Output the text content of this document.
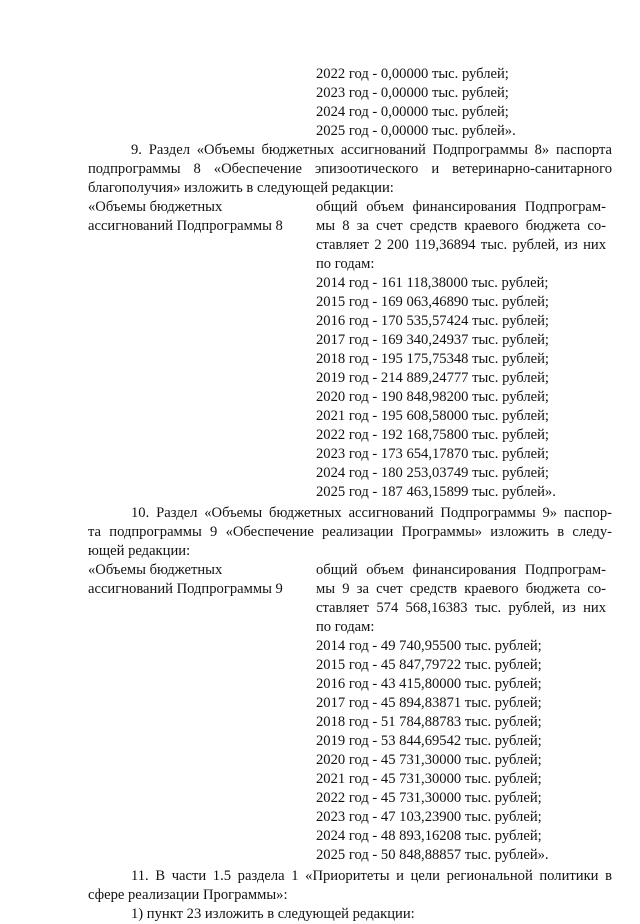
2022 год - 0,00000 тыс. рублей;
2023 год - 0,00000 тыс. рублей;
2024 год - 0,00000 тыс. рублей;
2025 год - 0,00000 тыс. рублей».
9. Раздел «Объемы бюджетных ассигнований Подпрограммы 8» паспорта
подпрограммы 8 «Обеспечение эпизоотического и ветеринарно-санитарного
благополучия» изложить в следующей редакции:
«Объемы бюджетных
ассигнований Подпрограммы 8
общий объем финансирования Подпрограм-
мы 8 за счет средств краевого бюджета со-
ставляет 2 200 119,36894 тыс. рублей, из них
по годам:
2014 год - 161 118,38000 тыс. рублей;
2015 год - 169 063,46890 тыс. рублей;
2016 год - 170 535,57424 тыс. рублей;
2017 год - 169 340,24937 тыс. рублей;
2018 год - 195 175,75348 тыс. рублей;
2019 год - 214 889,24777 тыс. рублей;
2020 год - 190 848,98200 тыс. рублей;
2021 год - 195 608,58000 тыс. рублей;
2022 год - 192 168,75800 тыс. рублей;
2023 год - 173 654,17870 тыс. рублей;
2024 год - 180 253,03749 тыс. рублей;
2025 год - 187 463,15899 тыс. рублей».
10. Раздел «Объемы бюджетных ассигнований Подпрограммы 9» паспор-
та подпрограммы 9 «Обеспечение реализации Программы» изложить в следу-
ющей редакции:
«Объемы бюджетных
ассигнований Подпрограммы 9
общий объем финансирования Подпрограм-
мы 9 за счет средств краевого бюджета со-
ставляет 574 568,16383 тыс. рублей, из них
по годам:
2014 год - 49 740,95500 тыс. рублей;
2015 год - 45 847,79722 тыс. рублей;
2016 год - 43 415,80000 тыс. рублей;
2017 год - 45 894,83871 тыс. рублей;
2018 год - 51 784,88783 тыс. рублей;
2019 год - 53 844,69542 тыс. рублей;
2020 год - 45 731,30000 тыс. рублей;
2021 год - 45 731,30000 тыс. рублей;
2022 год - 45 731,30000 тыс. рублей;
2023 год - 47 103,23900 тыс. рублей;
2024 год - 48 893,16208 тыс. рублей;
2025 год - 50 848,88857 тыс. рублей».
11. В части 1.5 раздела 1 «Приоритеты и цели региональной политики в
сфере реализации Программы»:
1) пункт 23 изложить в следующей редакции:
